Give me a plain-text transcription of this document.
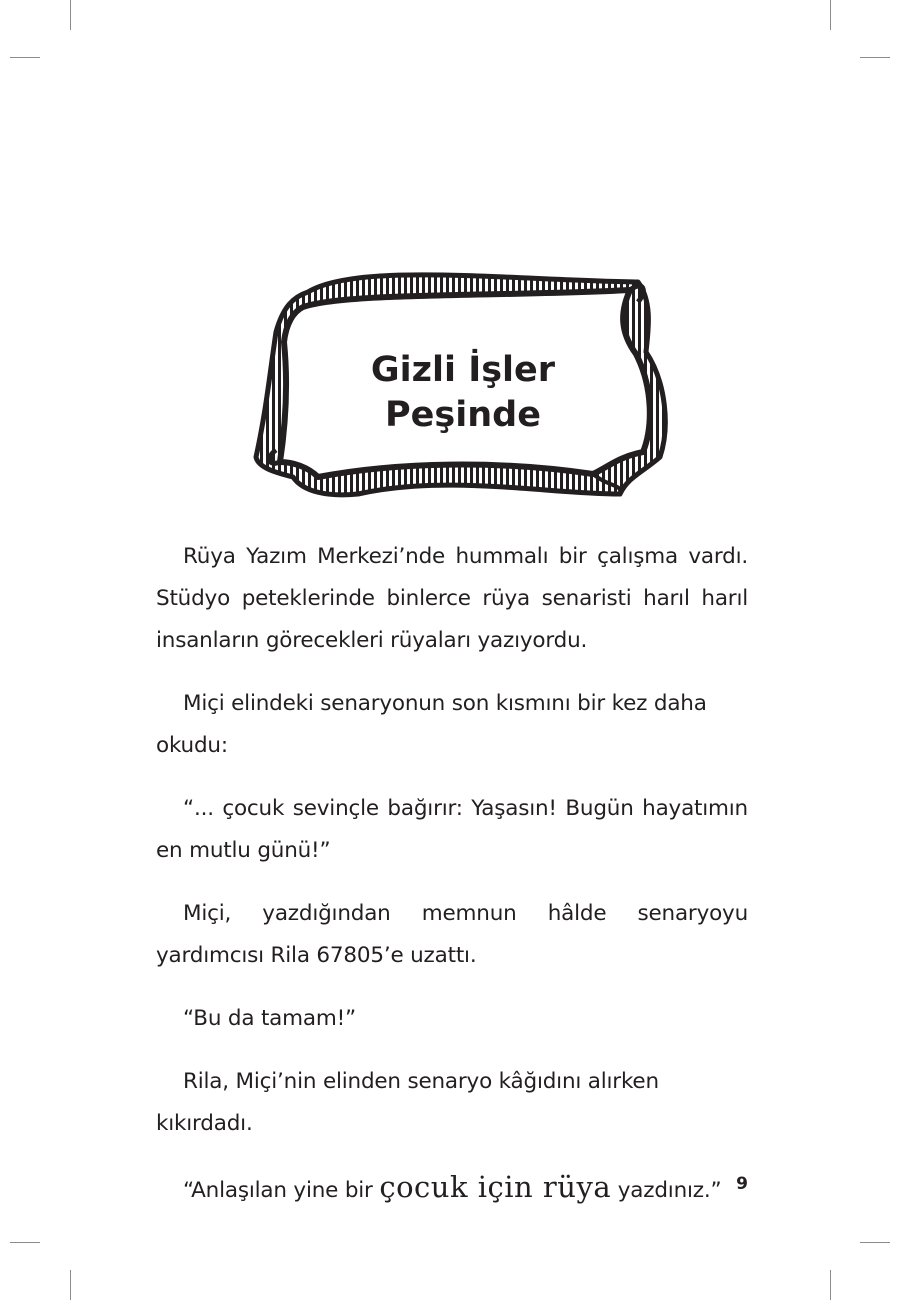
Gizli İşler
Peşinde

Rüya Yazım Merkezi’nde hummalı bir çalışma vardı. Stüdyo peteklerinde binlerce rüya senaristi harıl harıl insanların görecekleri rüyaları yazıyordu.

Miçi elindeki senaryonun son kısmını bir kez daha okudu:

“... çocuk sevinçle bağırır: Yaşasın! Bugün hayatımın en mutlu günü!”

Miçi, yazdığından memnun hâlde senaryoyu yardımcısı Rila 67805’e uzattı.

“Bu da tamam!”

Rila, Miçi’nin elinden senaryo kâğıdını alırken kıkırdadı.

“Anlaşılan yine bir çocuk için rüya yazdınız.” 9
